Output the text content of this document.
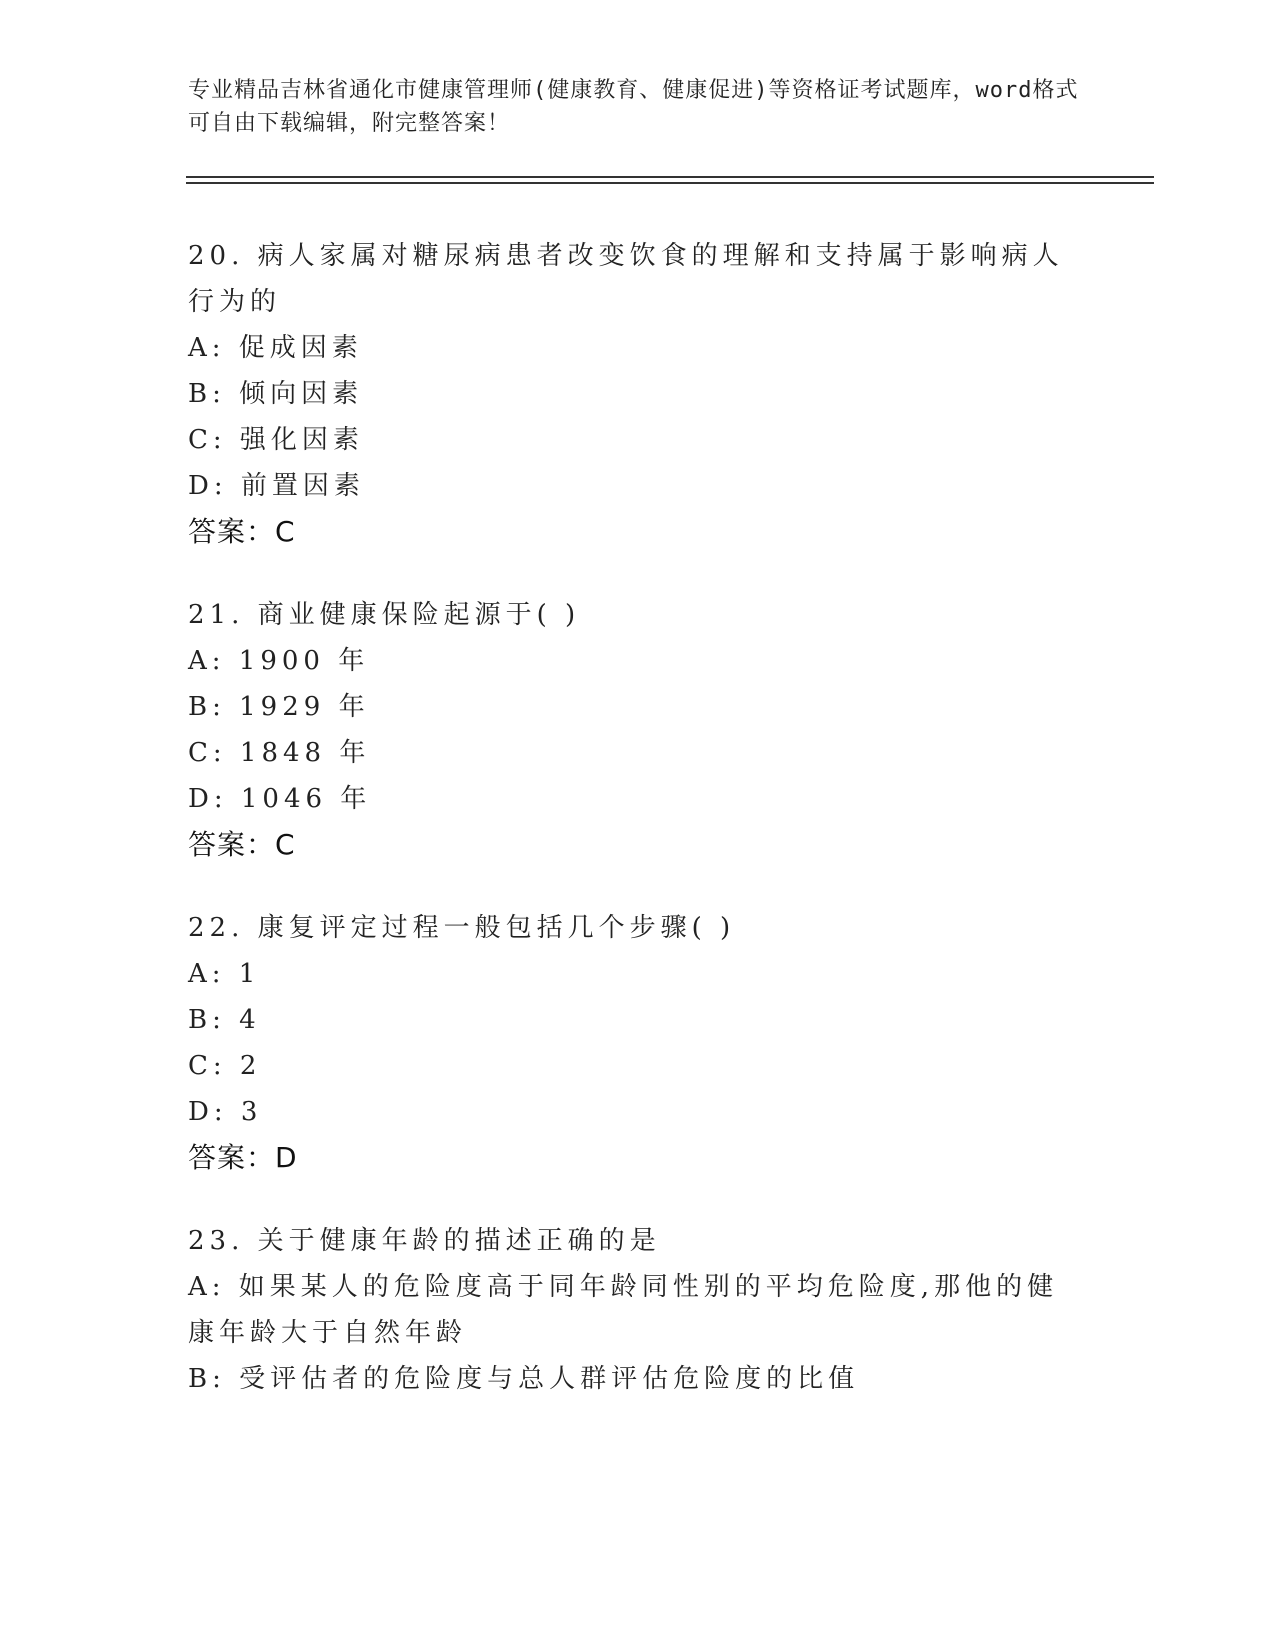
专业精品吉林省通化市健康管理师(健康教育、健康促进)等资格证考试题库，word格式可自由下载编辑，附完整答案！

20. 病人家属对糖尿病患者改变饮食的理解和支持属于影响病人行为的

A: 促成因素

B: 倾向因素

C: 强化因素

D: 前置因素

答案：C

21. 商业健康保险起源于( )

A: 1900 年

B: 1929 年

C: 1848 年

D: 1046 年

答案：C

22. 康复评定过程一般包括几个步骤( )

A: 1

B: 4

C: 2

D: 3

答案：D

23. 关于健康年龄的描述正确的是

A: 如果某人的危险度高于同年龄同性别的平均危险度,那他的健康年龄大于自然年龄

B: 受评估者的危险度与总人群评估危险度的比值
